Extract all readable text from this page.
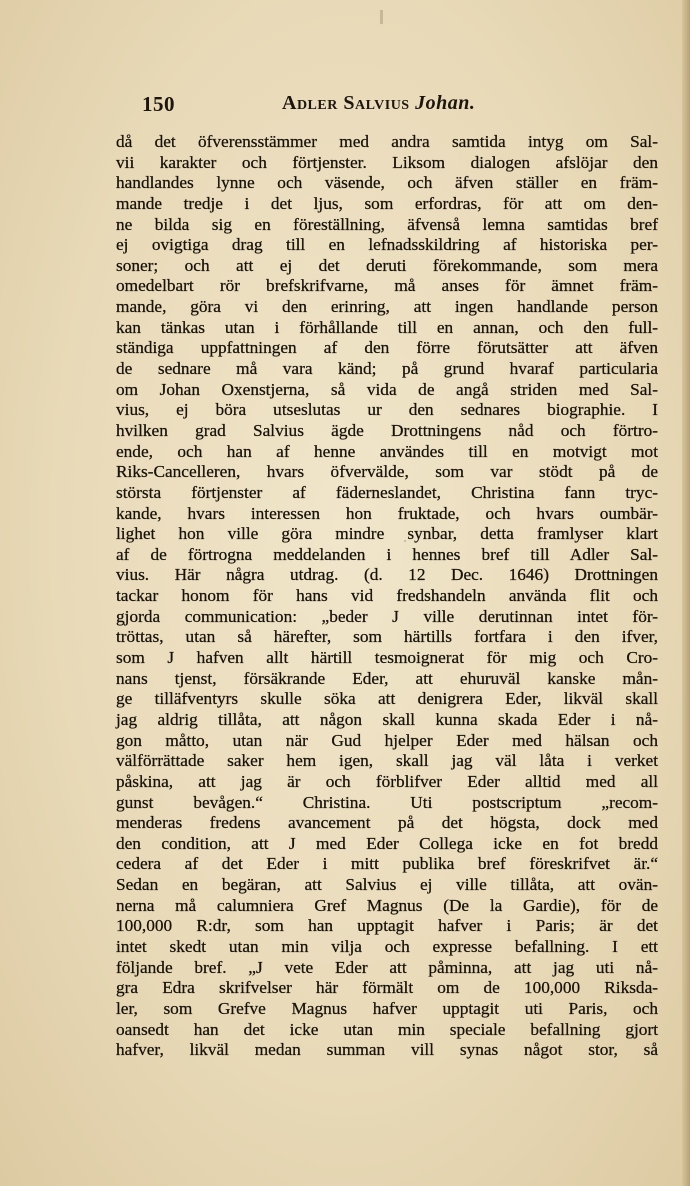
150	Adler Salvius Johan.
då det öfverensstämmer med andra samtida intyg om Sal-
vii karakter och förtjenster. Liksom dialogen afslöjar den
handlandes lynne och väsende, och äfven ställer en främ-
mande tredje i det ljus, som erfordras, för att om den-
ne bilda sig en föreställning, äfvenså lemna samtidas bref
ej ovigtiga drag till en lefnadsskildring af historiska per-
soner; och att ej det deruti förekommande, som mera
omedelbart rör brefskrifvarne, må anses för ämnet främ-
mande, göra vi den erinring, att ingen handlande person
kan tänkas utan i förhållande till en annan, och den full-
ständiga uppfattningen af den förre förutsätter att äfven
de sednare må vara känd; på grund hvaraf particularia
om Johan Oxenstjerna, så vida de angå striden med Sal-
vius, ej böra utseslutas ur den sednares biographie. I
hvilken grad Salvius ägde Drottningens nåd och förtro-
ende, och han af henne användes till en motvigt mot
Riks-Cancelleren, hvars öfvervälde, som var stödt på de
största förtjenster af fäderneslandet, Christina fann tryc-
kande, hvars interessen hon fruktade, och hvars oumbär-
lighet hon ville göra mindre synbar, detta framlyser klart
af de förtrogna meddelanden i hennes bref till Adler Sal-
vius. Här några utdrag. (d. 12 Dec. 1646) Drottningen
tackar honom för hans vid fredshandeln använda flit och
gjorda communication: „beder J ville derutinnan intet för-
tröttas, utan så härefter, som härtills fortfara i den ifver,
som J hafven allt härtill tesmoignerat för mig och Cro-
nans tjenst, försäkrande Eder, att ehuruväl kanske mån-
ge tilläfventyrs skulle söka att denigrera Eder, likväl skall
jag aldrig tillåta, att någon skall kunna skada Eder i nå-
gon måtto, utan när Gud hjelper Eder med hälsan och
välförrättade saker hem igen, skall jag väl låta i verket
påskina, att jag är och förblifver Eder alltid med all
gunst bevågen.“ Christina. Uti postscriptum „recom-
menderas fredens avancement på det högsta, dock med
den condition, att J med Eder Collega icke en fot bredd
cedera af det Eder i mitt publika bref föreskrifvet är.“
Sedan en begäran, att Salvius ej ville tillåta, att ovän-
nerna må calumniera Gref Magnus (De la Gardie), för de
100,000 R:dr, som han upptagit hafver i Paris; är det
intet skedt utan min vilja och expresse befallning. I ett
följande bref. „J vete Eder att påminna, att jag uti nå-
gra Edra skrifvelser här förmält om de 100,000 Riksda-
ler, som Grefve Magnus hafver upptagit uti Paris, och
oansedt han det icke utan min speciale befallning gjort
hafver, likväl medan summan vill synas något stor, så
